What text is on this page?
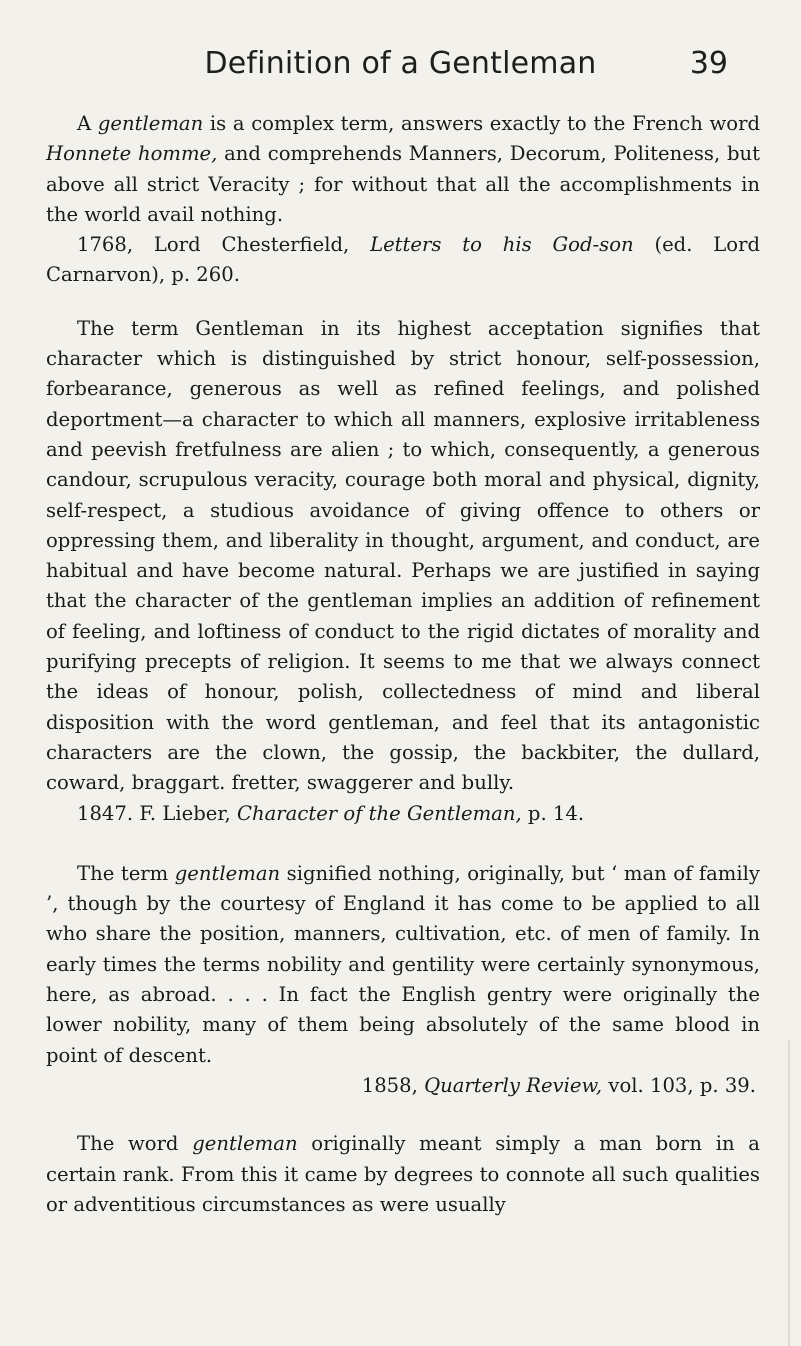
Definition of a Gentleman	39

A gentleman is a complex term, answers exactly to the French word Honnete homme, and comprehends Manners, Decorum, Politeness, but above all strict Veracity ; for without that all the accomplishments in the world avail nothing.

1768, Lord Chesterfield, Letters to his God-son (ed. Lord Carnarvon), p. 260.

The term Gentleman in its highest acceptation signifies that character which is distinguished by strict honour, self-possession, forbearance, generous as well as refined feelings, and polished deportment—a character to which all manners, explosive irritableness and peevish fretfulness are alien ; to which, consequently, a generous candour, scrupulous veracity, courage both moral and physical, dignity, self-respect, a studious avoidance of giving offence to others or oppressing them, and liberality in thought, argument, and conduct, are habitual and have become natural. Perhaps we are justified in saying that the character of the gentleman implies an addition of refinement of feeling, and loftiness of conduct to the rigid dictates of morality and purifying precepts of religion. It seems to me that we always connect the ideas of honour, polish, collectedness of mind and liberal disposition with the word gentleman, and feel that its antagonistic characters are the clown, the gossip, the backbiter, the dullard, coward, braggart. fretter, swaggerer and bully.

1847. F. Lieber, Character of the Gentleman, p. 14.

The term gentleman signified nothing, originally, but ‘ man of family ’, though by the courtesy of England it has come to be applied to all who share the position, manners, cultivation, etc. of men of family. In early times the terms nobility and gentility were certainly synonymous, here, as abroad. . . . In fact the English gentry were originally the lower nobility, many of them being absolutely of the same blood in point of descent.

1858, Quarterly Review, vol. 103, p. 39.

The word gentleman originally meant simply a man born in a certain rank. From this it came by degrees to connote all such qualities or adventitious circumstances as were usually
